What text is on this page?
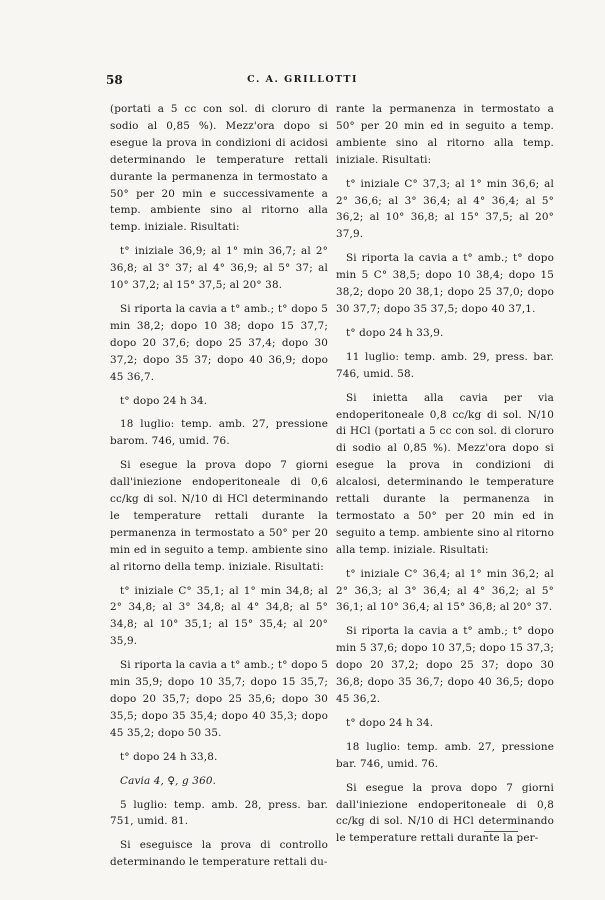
58	C. A. GRILLOTTI

(portati a 5 cc con sol. di cloruro di sodio al 0,85 %). Mezz'ora dopo si esegue la prova in condizioni di acidosi determinando le temperature rettali durante la permanenza in termostato a 50° per 20 min e successivamente a temp. ambiente sino al ritorno alla temp. iniziale. Risultati:

t° iniziale 36,9; al 1° min 36,7; al 2° 36,8; al 3° 37; al 4° 36,9; al 5° 37; al 10° 37,2; al 15° 37,5; al 20° 38.

Si riporta la cavia a t° amb.; t° dopo 5 min 38,2; dopo 10 38; dopo 15 37,7; dopo 20 37,6; dopo 25 37,4; dopo 30 37,2; dopo 35 37; dopo 40 36,9; dopo 45 36,7.

t° dopo 24 h 34.

18 luglio: temp. amb. 27, pressione barom. 746, umid. 76.

Si esegue la prova dopo 7 giorni dall'iniezione endoperitoneale di 0,6 cc/kg di sol. N/10 di HCl determinando le temperature rettali durante la permanenza in termostato a 50° per 20 min ed in seguito a temp. ambiente sino al ritorno della temp. iniziale. Risultati:

t° iniziale C° 35,1; al 1° min 34,8; al 2° 34,8; al 3° 34,8; al 4° 34,8; al 5° 34,8; al 10° 35,1; al 15° 35,4; al 20° 35,9.

Si riporta la cavia a t° amb.; t° dopo 5 min 35,9; dopo 10 35,7; dopo 15 35,7; dopo 20 35,7; dopo 25 35,6; dopo 30 35,5; dopo 35 35,4; dopo 40 35,3; dopo 45 35,2; dopo 50 35.

t° dopo 24 h 33,8.

Cavia 4, ♀, g 360.

5 luglio: temp. amb. 28, press. bar. 751, umid. 81.

Si eseguisce la prova di controllo determinando le temperature rettali du-

rante la permanenza in termostato a 50° per 20 min ed in seguito a temp. ambiente sino al ritorno alla temp. iniziale. Risultati:

t° iniziale C° 37,3; al 1° min 36,6; al 2° 36,6; al 3° 36,4; al 4° 36,4; al 5° 36,2; al 10° 36,8; al 15° 37,5; al 20° 37,9.

Si riporta la cavia a t° amb.; t° dopo min 5 C° 38,5; dopo 10 38,4; dopo 15 38,2; dopo 20 38,1; dopo 25 37,0; dopo 30 37,7; dopo 35 37,5; dopo 40 37,1.

t° dopo 24 h 33,9.

11 luglio: temp. amb. 29, press. bar. 746, umid. 58.

Si inietta alla cavia per via endoperitoneale 0,8 cc/kg di sol. N/10 di HCl (portati a 5 cc con sol. di cloruro di sodio al 0,85 %). Mezz'ora dopo si esegue la prova in condizioni di alcalosi, determinando le temperature rettali durante la permanenza in termostato a 50° per 20 min ed in seguito a temp. ambiente sino al ritorno alla temp. iniziale. Risultati:

t° iniziale C° 36,4; al 1° min 36,2; al 2° 36,3; al 3° 36,4; al 4° 36,2; al 5° 36,1; al 10° 36,4; al 15° 36,8; al 20° 37.

Si riporta la cavia a t° amb.; t° dopo min 5 37,6; dopo 10 37,5; dopo 15 37,3; dopo 20 37,2; dopo 25 37; dopo 30 36,8; dopo 35 36,7; dopo 40 36,5; dopo 45 36,2.

t° dopo 24 h 34.

18 luglio: temp. amb. 27, pressione bar. 746, umid. 76.

Si esegue la prova dopo 7 giorni dall'iniezione endoperitoneale di 0,8 cc/kg di sol. N/10 di HCl determinando le temperature rettali durante la per-
